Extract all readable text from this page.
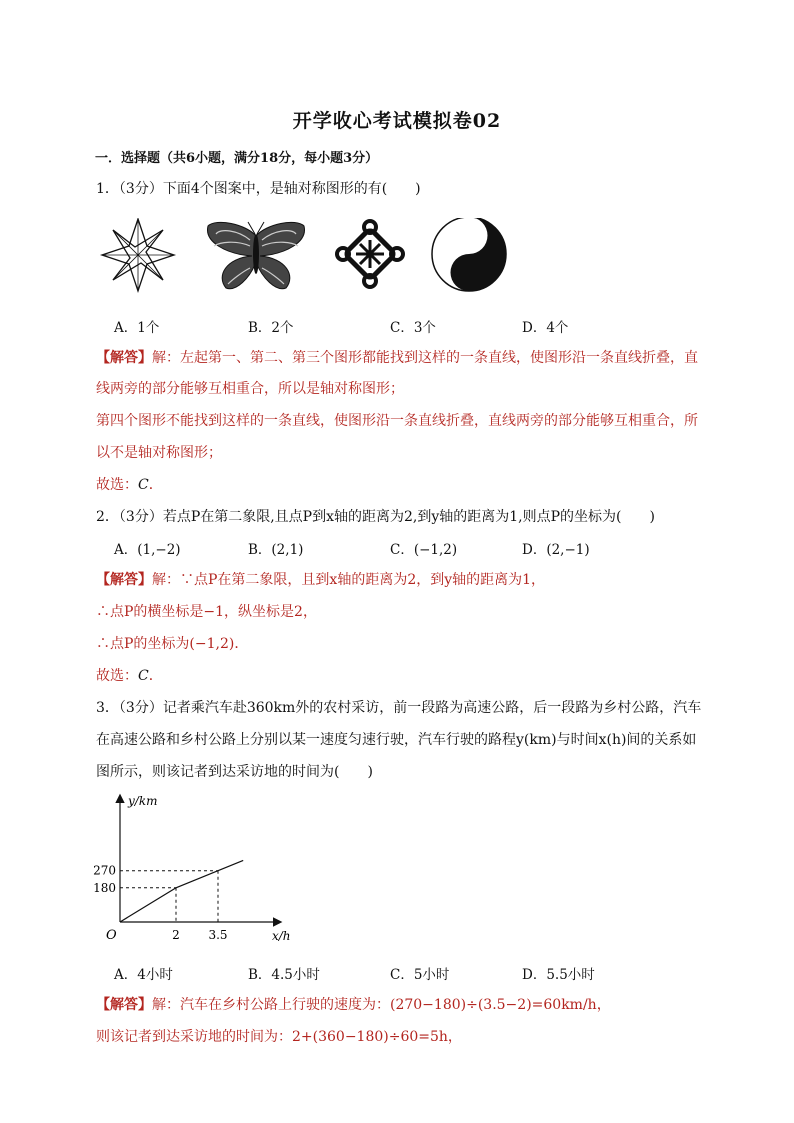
开学收心考试模拟卷02
一．选择题（共6小题，满分18分，每小题3分）
1．（3分）下面4个图案中，是轴对称图形的有(　　)
A．1个	B．2个	C．3个	D．4个
【解答】解：左起第一、第二、第三个图形都能找到这样的一条直线，使图形沿一条直线折叠，直
线两旁的部分能够互相重合，所以是轴对称图形；
第四个图形不能找到这样的一条直线，使图形沿一条直线折叠，直线两旁的部分能够互相重合，所
以不是轴对称图形；
故选：C．
2．（3分）若点P在第二象限,且点P到x轴的距离为2,到y轴的距离为1,则点P的坐标为(　　)
A．(1,−2)	B．(2,1)	C．(−1,2)	D．(2,−1)
【解答】解：∵点P在第二象限，且到x轴的距离为2，到y轴的距离为1，
∴点P的横坐标是−1，纵坐标是2，
∴点P的坐标为(−1,2)．
故选：C．
3．（3分）记者乘汽车赴360km外的农村采访，前一段路为高速公路，后一段路为乡村公路，汽车
在高速公路和乡村公路上分别以某一速度匀速行驶，汽车行驶的路程y(km)与时间x(h)间的关系如
图所示，则该记者到达采访地的时间为(　　)
y/km
x/h
O	2
180
3.5
270
A．4小时	B．4.5小时	C．5小时	D．5.5小时
【解答】解：汽车在乡村公路上行驶的速度为：(270−180)÷(3.5−2)=60km/h，
则该记者到达采访地的时间为：2+(360−180)÷60=5h，
